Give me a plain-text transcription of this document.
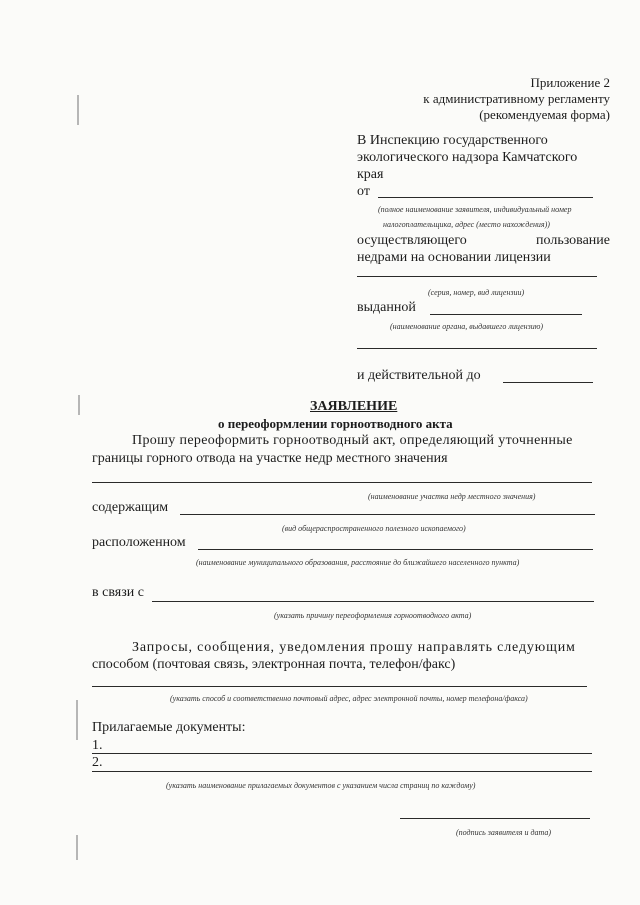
Приложение 2
к административному регламенту
(рекомендуемая форма)
В Инспекцию государственного
экологического надзора Камчатского
края
от
(полное наименование заявителя, индивидуальный номер
налогоплательщика, адрес (место нахождения))
осуществляющего	пользование
недрами на основании лицензии
(серия, номер, вид лицензии)
выданной
(наименование органа, выдавшего лицензию)
и действительной до
ЗАЯВЛЕНИЕ
о переоформлении горноотводного акта
Прошу переоформить горноотводный акт, определяющий уточненные
границы горного отвода на участке недр местного значения
(наименование участка недр местного значения)
содержащим
(вид общераспространенного полезного ископаемого)
расположенном
(наименование муниципального образования, расстояние до ближайшего населенного пункта)
в связи с
(указать причину переоформления горноотводного акта)
Запросы, сообщения, уведомления прошу направлять следующим
способом (почтовая связь, электронная почта, телефон/факс)
(указать способ и соответственно почтовый адрес, адрес электронной почты, номер телефона/факса)
Прилагаемые документы:
1.
2.
(указать наименование прилагаемых документов с указанием числа страниц по каждому)
(подпись заявителя и дата)
